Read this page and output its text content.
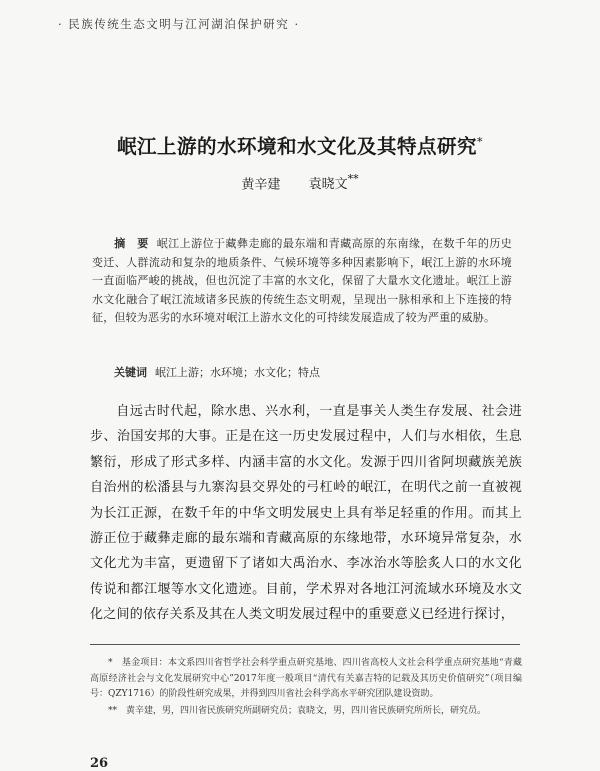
· 民族传统生态文明与江河湖泊保护研究 ·
岷江上游的水环境和水文化及其特点研究*
黄辛建 袁晓文**
摘　要 岷江上游位于藏彝走廊的最东端和青藏高原的东南缘，在数千年的历史变迁、人群流动和复杂的地质条件、气候环境等多种因素影响下，岷江上游的水环境一直面临严峻的挑战，但也沉淀了丰富的水文化，保留了大量水文化遗址。岷江上游水文化融合了岷江流域诸多民族的传统生态文明观，呈现出一脉相承和上下连接的特征，但较为恶劣的水环境对岷江上游水文化的可持续发展造成了较为严重的威胁。
关键词 岷江上游；水环境；水文化；特点
自远古时代起，除水患、兴水利，一直是事关人类生存发展、社会进步、治国安邦的大事。正是在这一历史发展过程中，人们与水相依，生息繁衍，形成了形式多样、内涵丰富的水文化。发源于四川省阿坝藏族羌族自治州的松潘县与九寨沟县交界处的弓杠岭的岷江，在明代之前一直被视为长江正源，在数千年的中华文明发展史上具有举足轻重的作用。而其上游正位于藏彝走廊的最东端和青藏高原的东缘地带，水环境异常复杂，水文化尤为丰富，更遗留下了诸如大禹治水、李冰治水等脍炙人口的水文化传说和都江堰等水文化遗迹。目前，学术界对各地江河流域水环境及水文化之间的依存关系及其在人类文明发展过程中的重要意义已经进行探讨，

*　基金项目：本文系四川省哲学社会科学重点研究基地、四川省高校人文社会科学重点研究基地“青藏高原经济社会与文化发展研究中心”2017年度一般项目“清代有关嘉吉特的记载及其历史价值研究”（项目编号：QZY1716）的阶段性研究成果，并得到四川省社会科学高水平研究团队建设资助。

**　黄辛建，男，四川省民族研究所副研究员；袁晓文，男，四川省民族研究所所长，研究员。

26
